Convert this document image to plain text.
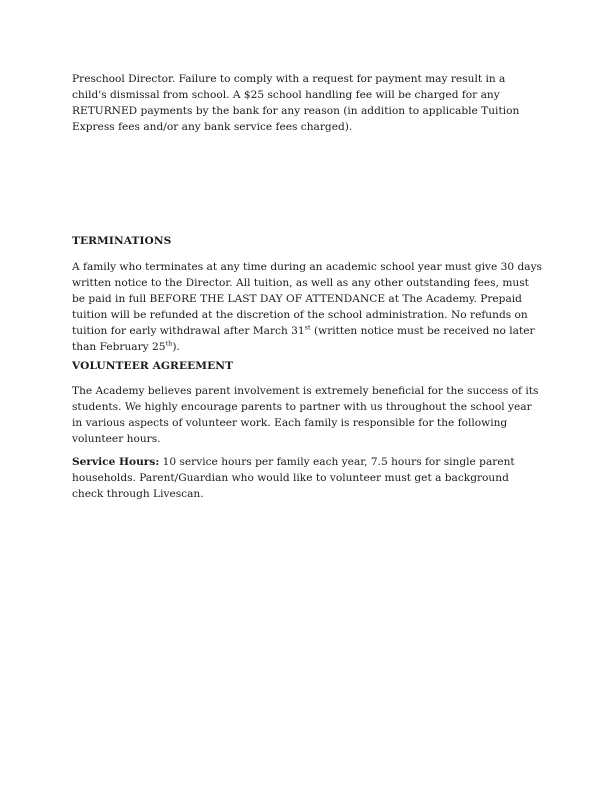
Preschool Director. Failure to comply with a request for payment may result in a child's dismissal from school. A $25 school handling fee will be charged for any RETURNED payments by the bank for any reason (in addition to applicable Tuition Express fees and/or any bank service fees charged).

TERMINATIONS

A family who terminates at any time during an academic school year must give 30 days written notice to the Director. All tuition, as well as any other outstanding fees, must be paid in full BEFORE THE LAST DAY OF ATTENDANCE at The Academy. Prepaid tuition will be refunded at the discretion of the school administration. No refunds on tuition for early withdrawal after March 31st (written notice must be received no later than February 25th).

VOLUNTEER AGREEMENT

The Academy believes parent involvement is extremely beneficial for the success of its students. We highly encourage parents to partner with us throughout the school year in various aspects of volunteer work. Each family is responsible for the following volunteer hours.

Service Hours: 10 service hours per family each year, 7.5 hours for single parent households. Parent/Guardian who would like to volunteer must get a background check through Livescan.
